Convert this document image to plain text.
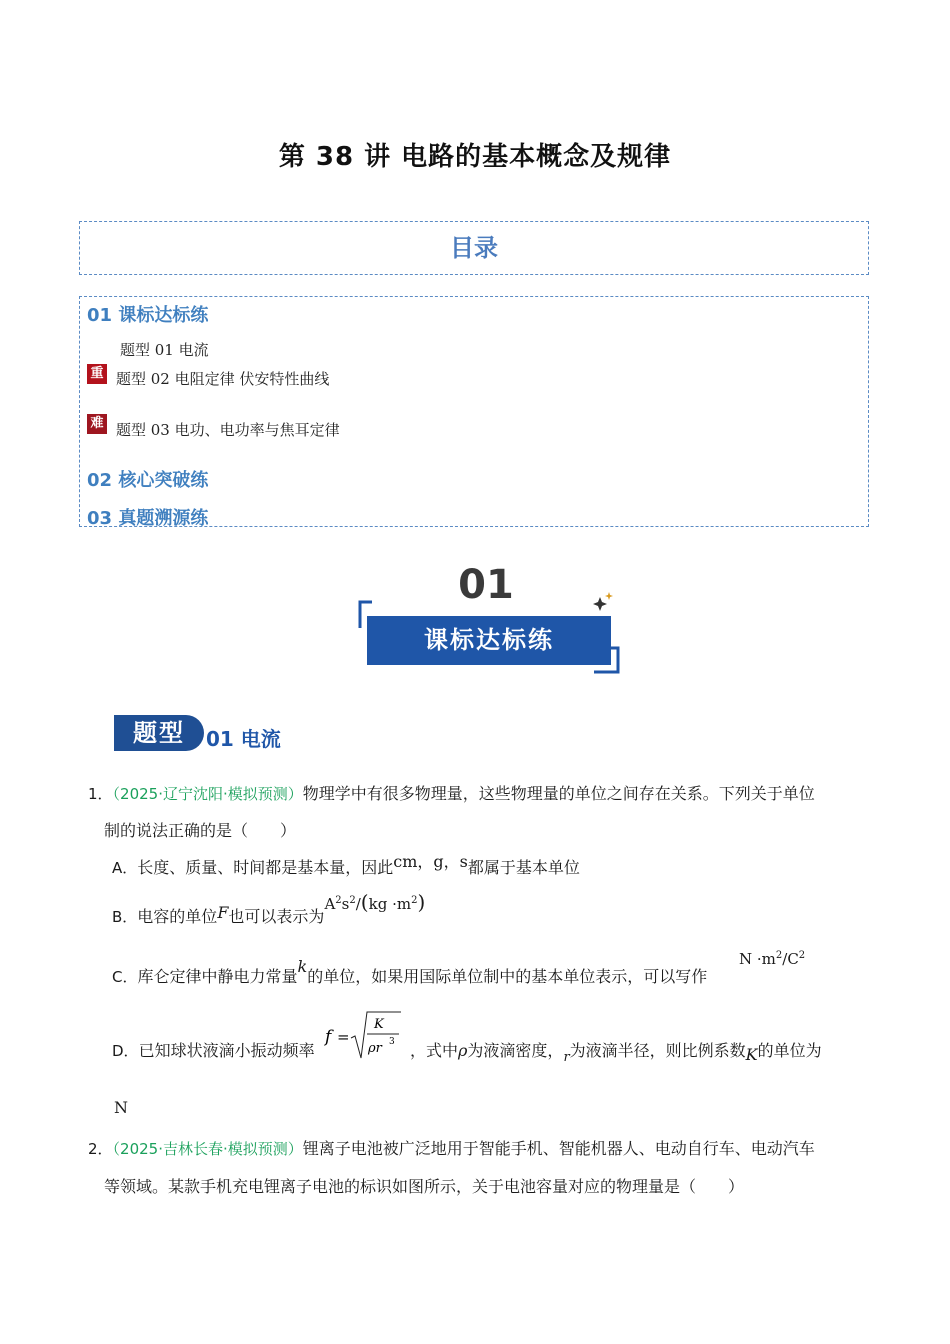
第 38 讲 电路的基本概念及规律
目录
01 课标达标练
题型 01 电流
重 题型 02 电阻定律 伏安特性曲线
难 题型 03 电功、电功率与焦耳定律
02 核心突破练
03 真题溯源练
01
课标达标练
题型	01 电流
1．（2025·辽宁沈阳·模拟预测）物理学中有很多物理量，这些物理量的单位之间存在关系。下列关于单位
制的说法正确的是（　　）
A．长度、质量、时间都是基本量，因此cm，g，s都属于基本单位
B．电容的单位F也可以表示为$A^2s^2/(kg \cdot m^2)$
C．库仑定律中静电力常量k的单位，如果用国际单位制中的基本单位表示，可以写作
$N \cdot m^2/C^2$
D．已知球状液滴小振动频率
f =
K
ρr 3 ，式中ρ为液滴密度，$_r$为液滴半径，则比例系数K的单位为
N
2．（2025·吉林长春·模拟预测）锂离子电池被广泛地用于智能手机、智能机器人、电动自行车、电动汽车
等领域。某款手机充电锂离子电池的标识如图所示，关于电池容量对应的物理量是（　　）
